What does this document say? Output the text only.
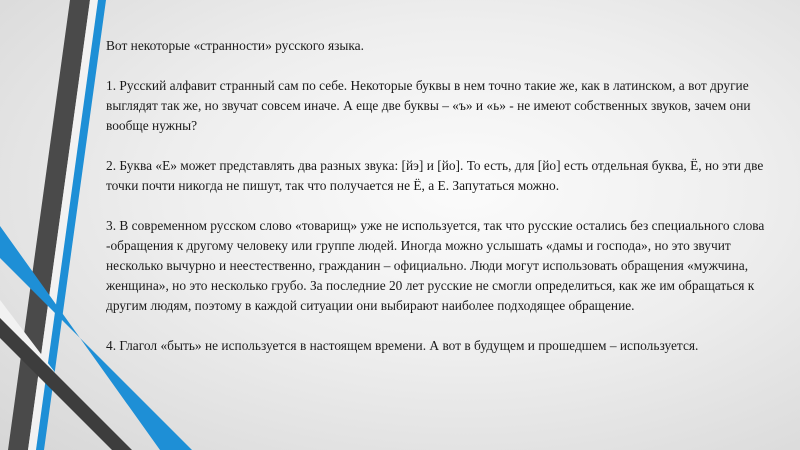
Вот некоторые «странности» русского языка.

1. Русский алфавит странный сам по себе. Некоторые буквы в нем точно такие же, как в латинском, а вот другие выглядят так же, но звучат совсем иначе. А еще две буквы – «ъ» и «ь» - не имеют собственных звуков, зачем они вообще нужны?

2. Буква «Е» может представлять два разных звука: [йэ] и [йо]. То есть, для [йо] есть отдельная буква, Ё, но эти две точки почти никогда не пишут, так что получается не Ё, а Е. Запутаться можно.

3. В современном русском слово «товарищ» уже не используется, так что русские остались без специального слова -обращения к другому человеку или группе людей. Иногда можно услышать «дамы и господа», но это звучит несколько вычурно и неестественно, гражданин – официально. Люди могут использовать обращения «мужчина, женщина», но это несколько грубо. За последние 20 лет русские не смогли определиться, как же им обращаться к другим людям, поэтому в каждой ситуации они выбирают наиболее подходящее обращение.

4. Глагол «быть» не используется в настоящем времени. А вот в будущем и прошедшем – используется.
